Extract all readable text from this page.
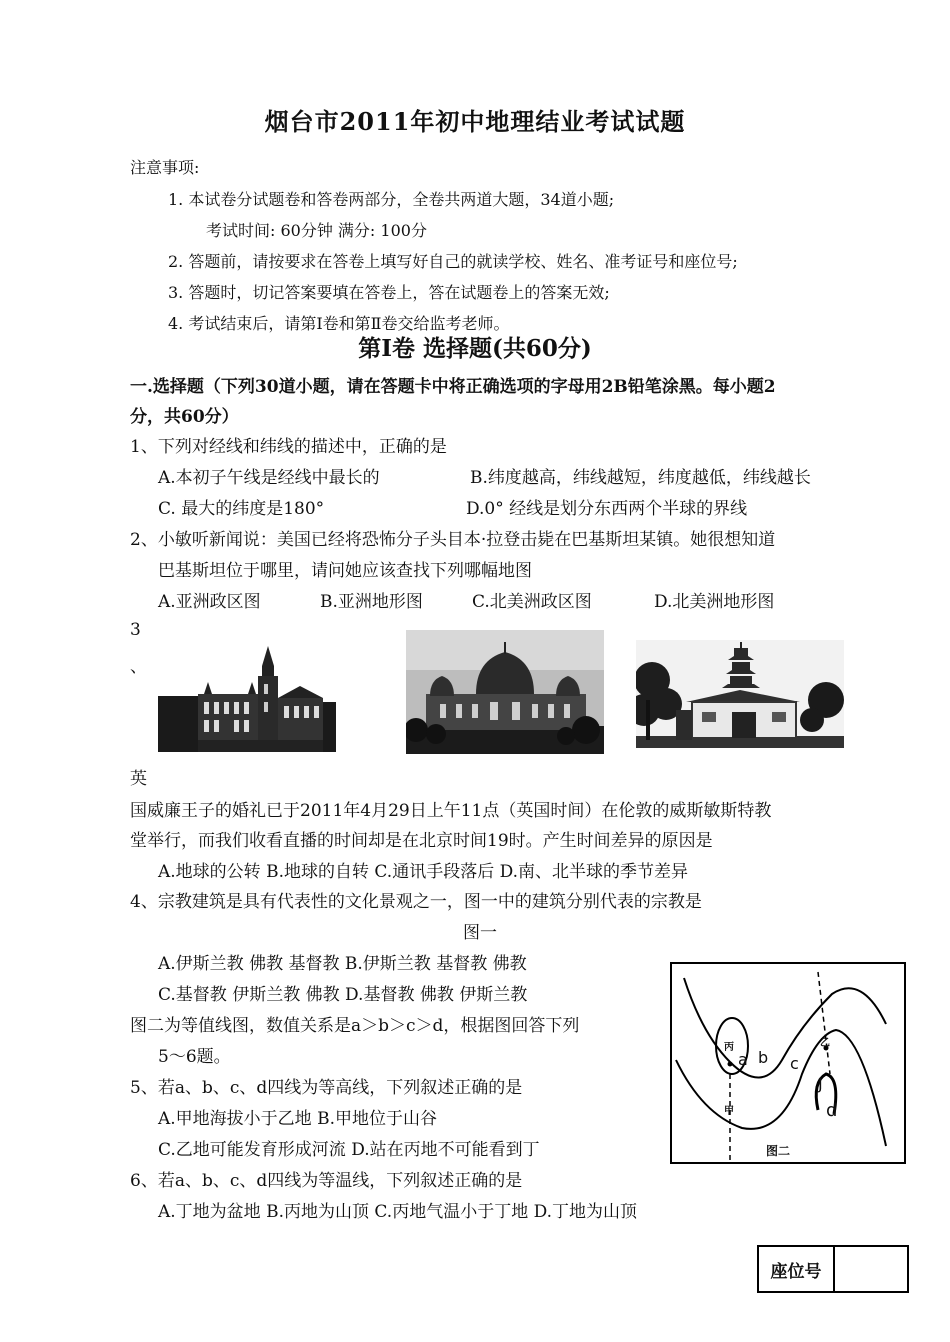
烟台市2011年初中地理结业考试试题
注意事项:
1. 本试卷分试题卷和答卷两部分，全卷共两道大题，34道小题;
考试时间: 60分钟 满分: 100分
2. 答题前，请按要求在答卷上填写好自己的就读学校、姓名、准考证号和座位号;
3. 答题时，切记答案要填在答卷上，答在试题卷上的答案无效;
4. 考试结束后，请第Ⅰ卷和第Ⅱ卷交给监考老师。
第Ⅰ卷 选择题(共60分)
一.选择题（下列30道小题，请在答题卡中将正确选项的字母用2B铅笔涂黑。每小题2
分，共60分）
1、下列对经线和纬线的描述中，正确的是
A.本初子午线是经线中最长的	B.纬度越高，纬线越短，纬度越低，纬线越长
C. 最大的纬度是180°	D.0° 经线是划分东西两个半球的界线
2、小敏听新闻说：美国已经将恐怖分子头目本·拉登击毙在巴基斯坦某镇。她很想知道
巴基斯坦位于哪里，请问她应该查找下列哪幅地图
A.亚洲政区图	B.亚洲地形图	C.北美洲政区图	D.北美洲地形图
3
、
英
国威廉王子的婚礼已于2011年4月29日上午11点（英国时间）在伦敦的威斯敏斯特教
堂举行，而我们收看直播的时间却是在北京时间19时。产生时间差异的原因是
A.地球的公转 B.地球的自转 C.通讯手段落后 D.南、北半球的季节差异
4、宗教建筑是具有代表性的文化景观之一，图一中的建筑分别代表的宗教是
图一
A.伊斯兰教 佛教 基督教 B.伊斯兰教 基督教 佛教
C.基督教 伊斯兰教 佛教 D.基督教 佛教 伊斯兰教
图二为等值线图，数值关系是a＞b＞c＞d，根据图回答下列
5～6题。
5、若a、b、c、d四线为等高线，下列叙述正确的是
A.甲地海拔小于乙地 B.甲地位于山谷
C.乙地可能发育形成河流 D.站在丙地不可能看到丁
6、若a、b、c、d四线为等温线，下列叙述正确的是
A.丁地为盆地 B.丙地为山顶 C.丙地气温小于丁地 D.丁地为山顶
丙
甲
乙
J
a b c
d
图二
座位号
